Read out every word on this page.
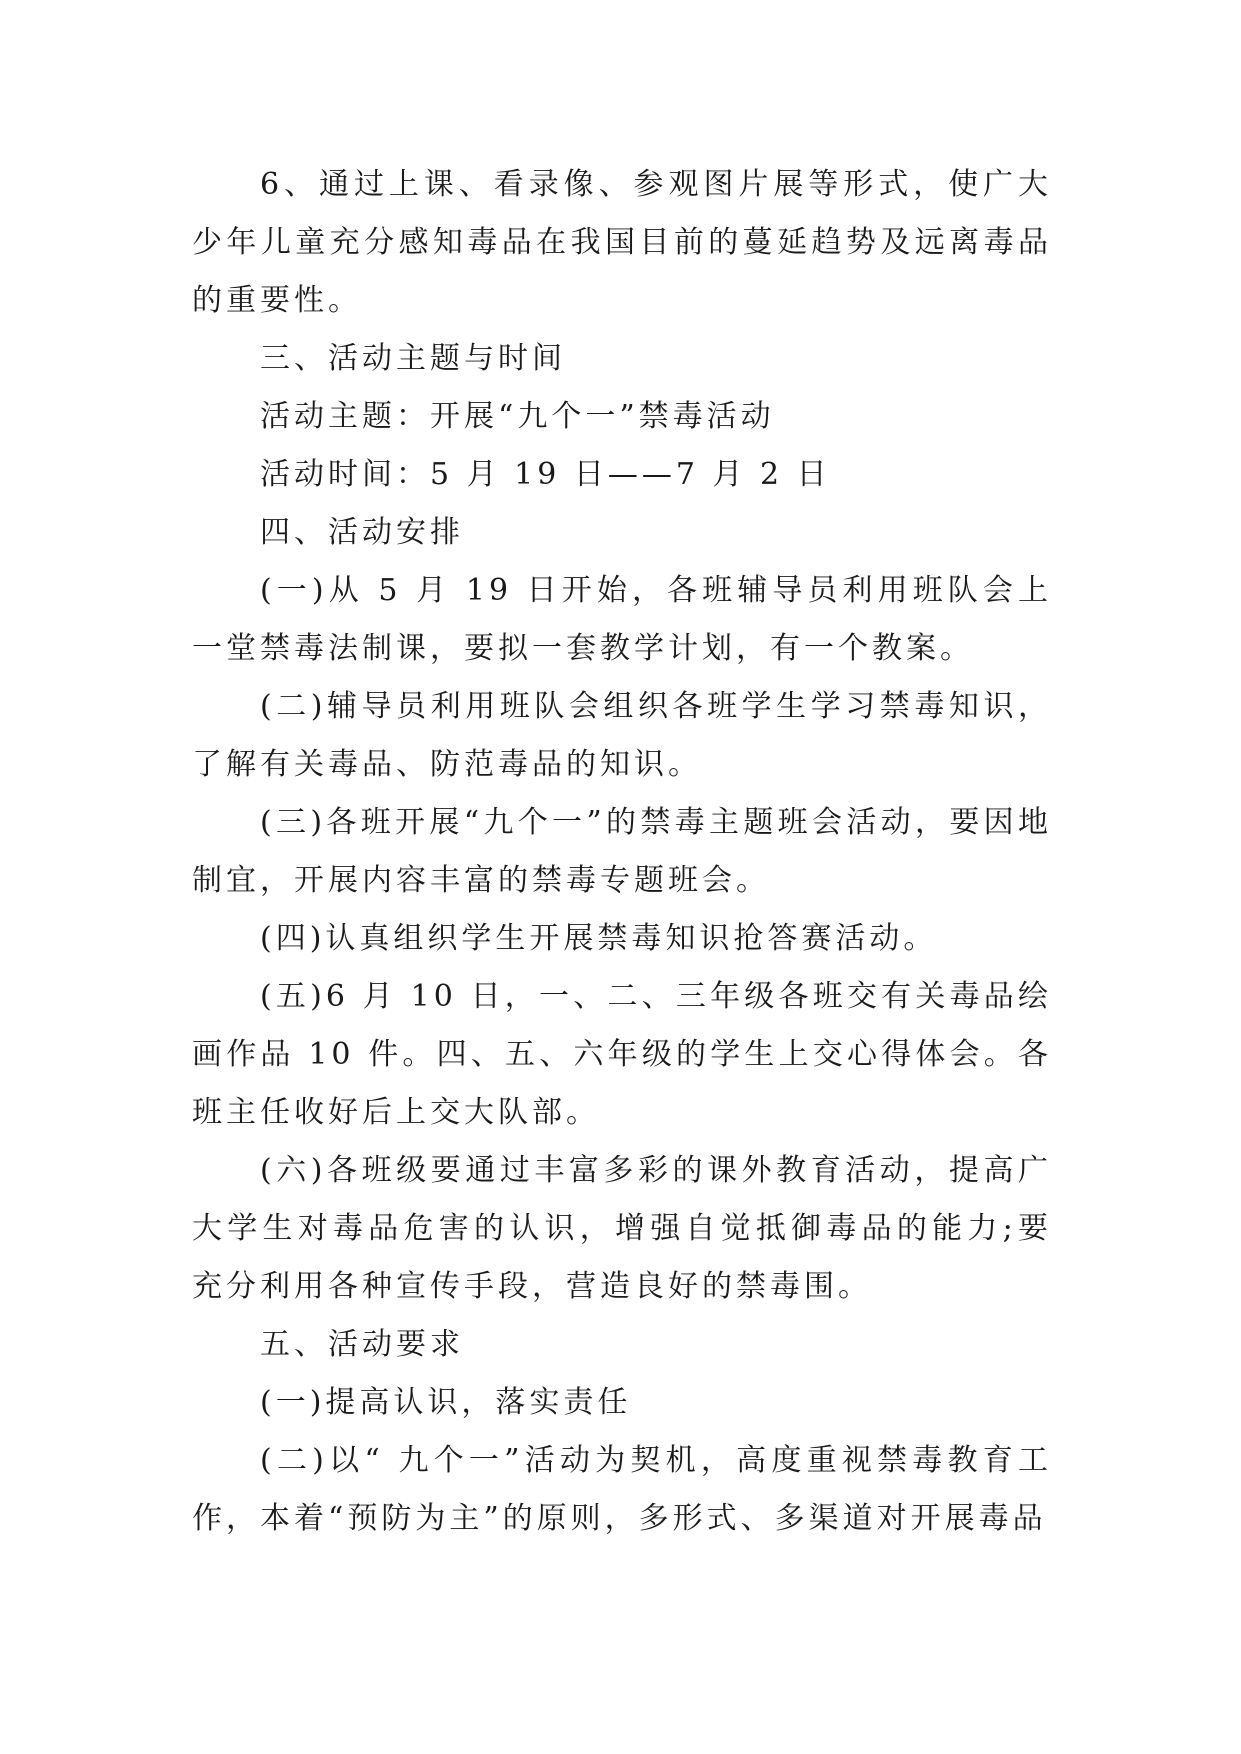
6、通过上课、看录像、参观图片展等形式，使广大少年儿童充分感知毒品在我国目前的蔓延趋势及远离毒品的重要性。

三、活动主题与时间

活动主题：开展“九个一”禁毒活动

活动时间：5 月 19 日——7 月 2 日

四、活动安排

(一)从 5 月 19 日开始，各班辅导员利用班队会上一堂禁毒法制课，要拟一套教学计划，有一个教案。

(二)辅导员利用班队会组织各班学生学习禁毒知识，了解有关毒品、防范毒品的知识。

(三)各班开展“九个一”的禁毒主题班会活动，要因地制宜，开展内容丰富的禁毒专题班会。

(四)认真组织学生开展禁毒知识抢答赛活动。

(五)6 月 10 日，一、二、三年级各班交有关毒品绘画作品 10 件。四、五、六年级的学生上交心得体会。各班主任收好后上交大队部。

(六)各班级要通过丰富多彩的课外教育活动，提高广大学生对毒品危害的认识，增强自觉抵御毒品的能力;要充分利用各种宣传手段，营造良好的禁毒围。

五、活动要求

(一)提高认识，落实责任

(二)以“ 九个一”活动为契机，高度重视禁毒教育工作，本着“预防为主”的原则，多形式、多渠道对开展毒品
